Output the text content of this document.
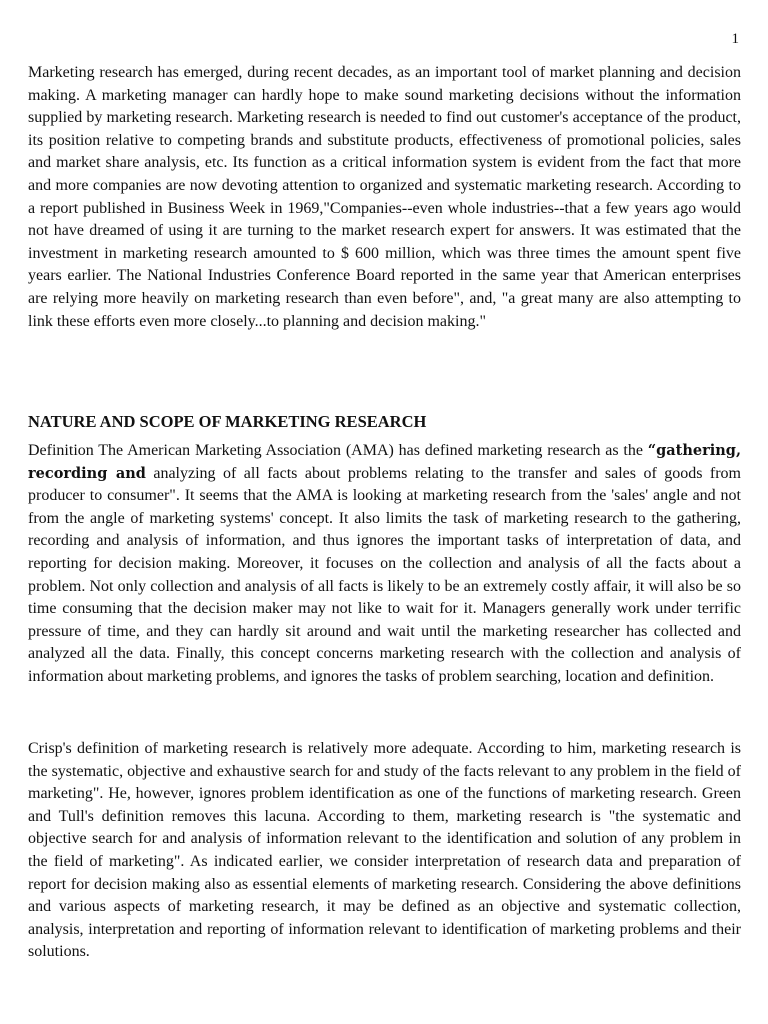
1

Marketing research has emerged, during recent decades, as an important tool of market planning and decision making. A marketing manager can hardly hope to make sound marketing decisions without the information supplied by marketing research. Marketing research is needed to find out customer's acceptance of the product, its position relative to competing brands and substitute products, effectiveness of promotional policies, sales and market share analysis, etc. Its function as a critical information system is evident from the fact that more and more companies are now devoting attention to organized and systematic marketing research. According to a report published in Business Week in 1969,"Companies--even whole industries--that a few years ago would not have dreamed of using it are turning to the market research expert for answers. It was estimated that the investment in marketing research amounted to $ 600 million, which was three times the amount spent five years earlier. The National Industries Conference Board reported in the same year that American enterprises are relying more heavily on marketing research than even before", and, "a great many are also attempting to link these efforts even more closely...to planning and decision making."

NATURE AND SCOPE OF MARKETING RESEARCH

Definition The American Marketing Association (AMA) has defined marketing research as the “gathering, recording and analyzing of all facts about problems relating to the transfer and sales of goods from producer to consumer". It seems that the AMA is looking at marketing research from the 'sales' angle and not from the angle of marketing systems' concept. It also limits the task of marketing research to the gathering, recording and analysis of information, and thus ignores the important tasks of interpretation of data, and reporting for decision making. Moreover, it focuses on the collection and analysis of all the facts about a problem. Not only collection and analysis of all facts is likely to be an extremely costly affair, it will also be so time consuming that the decision maker may not like to wait for it. Managers generally work under terrific pressure of time, and they can hardly sit around and wait until the marketing researcher has collected and analyzed all the data. Finally, this concept concerns marketing research with the collection and analysis of information about marketing problems, and ignores the tasks of problem searching, location and definition.

Crisp's definition of marketing research is relatively more adequate. According to him, marketing research is the systematic, objective and exhaustive search for and study of the facts relevant to any problem in the field of marketing". He, however, ignores problem identification as one of the functions of marketing research. Green and Tull's definition removes this lacuna. According to them, marketing research is "the systematic and objective search for and analysis of information relevant to the identification and solution of any problem in the field of marketing". As indicated earlier, we consider interpretation of research data and preparation of report for decision making also as essential elements of marketing research. Considering the above definitions and various aspects of marketing research, it may be defined as an objective and systematic collection, analysis, interpretation and reporting of information relevant to identification of marketing problems and their solutions.
